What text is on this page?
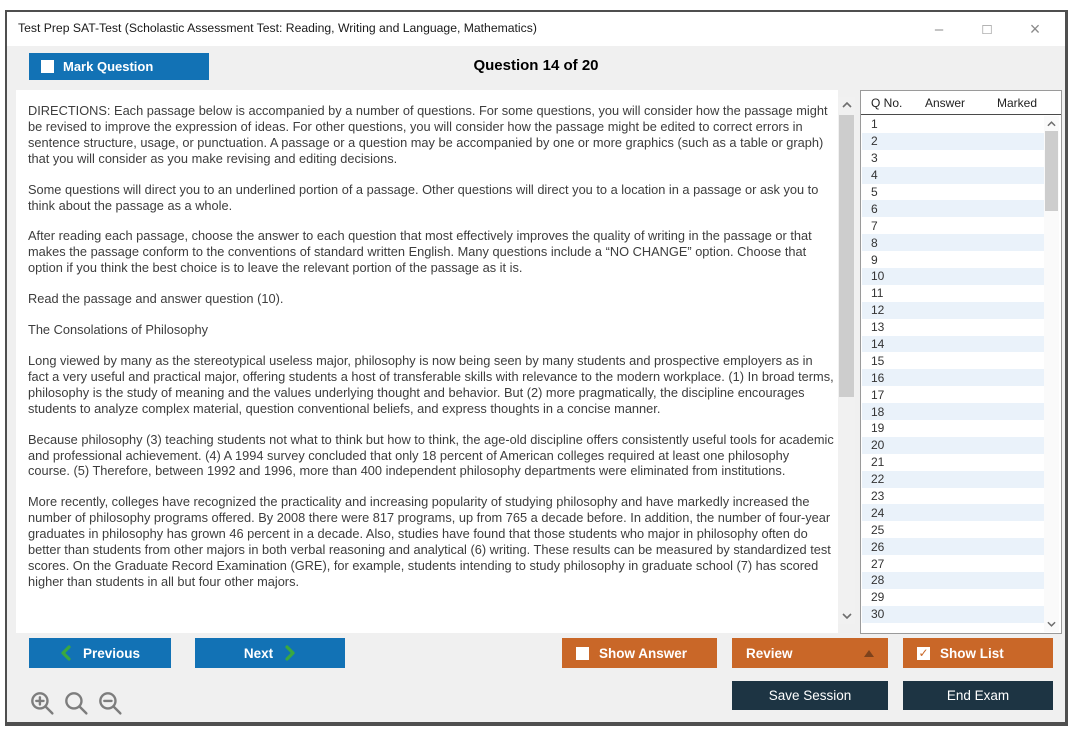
Test Prep SAT-Test (Scholastic Assessment Test: Reading, Writing and Language, Mathematics)	–	□	×
Mark Question	Question 14 of 20

DIRECTIONS: Each passage below is accompanied by a number of questions. For some questions, you will consider how the passage might be revised to improve the expression of ideas. For other questions, you will consider how the passage might be edited to correct errors in sentence structure, usage, or punctuation. A passage or a question may be accompanied by one or more graphics (such as a table or graph) that you will consider as you make revising and editing decisions.

Some questions will direct you to an underlined portion of a passage. Other questions will direct you to a location in a passage or ask you to think about the passage as a whole.

After reading each passage, choose the answer to each question that most effectively improves the quality of writing in the passage or that makes the passage conform to the conventions of standard written English. Many questions include a “NO CHANGE” option. Choose that option if you think the best choice is to leave the relevant portion of the passage as it is.

Read the passage and answer question (10).

The Consolations of Philosophy

Long viewed by many as the stereotypical useless major, philosophy is now being seen by many students and prospective employers as in fact a very useful and practical major, offering students a host of transferable skills with relevance to the modern workplace. (1) In broad terms, philosophy is the study of meaning and the values underlying thought and behavior. But (2) more pragmatically, the discipline encourages students to analyze complex material, question conventional beliefs, and express thoughts in a concise manner.

Because philosophy (3) teaching students not what to think but how to think, the age-old discipline offers consistently useful tools for academic and professional achievement. (4) A 1994 survey concluded that only 18 percent of American colleges required at least one philosophy course. (5) Therefore, between 1992 and 1996, more than 400 independent philosophy departments were eliminated from institutions.

More recently, colleges have recognized the practicality and increasing popularity of studying philosophy and have markedly increased the number of philosophy programs offered. By 2008 there were 817 programs, up from 765 a decade before. In addition, the number of four-year graduates in philosophy has grown 46 percent in a decade. Also, studies have found that those students who major in philosophy often do better than students from other majors in both verbal reasoning and analytical (6) writing. These results can be measured by standardized test scores. On the Graduate Record Examination (GRE), for example, students intending to study philosophy in graduate school (7) has scored higher than students in all but four other majors.

Q No. Answer	Marked
1
2
3
4
5
6
7
8
9
10
11
12
13
14
15
16
17
18
19
20
21
22
23
24
25
26
27
28
29
30
Previous	Next	Show Answer	Review ✓	Show List
Save Session	End Exam
